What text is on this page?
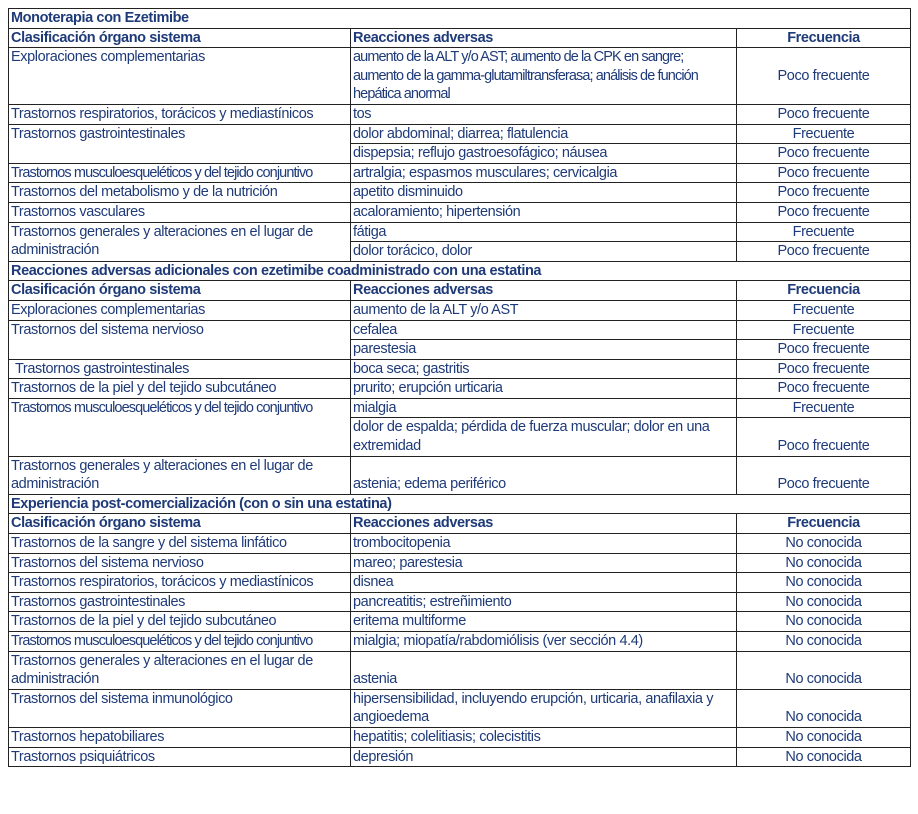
Monoterapia con Ezetimibe		
Clasificación órgano sistema	Reacciones adversas	Frecuencia
Exploraciones complementarias	aumento de la ALT y/o AST; aumento de la CPK en sangre; aumento de la gamma-glutamiltransferasa; análisis de función hepática anormal	Poco frecuente
Trastornos respiratorios, torácicos y mediastínicos	tos	Poco frecuente
Trastornos gastrointestinales	dolor abdominal; diarrea; flatulencia	Frecuente
	dispepsia; reflujo gastroesofágico; náusea	Poco frecuente
Trastornos musculoesqueléticos y del tejido conjuntivo	artralgia; espasmos musculares; cervicalgia	Poco frecuente
Trastornos del metabolismo y de la nutrición	apetito disminuido	Poco frecuente
Trastornos vasculares	acaloramiento; hipertensión	Poco frecuente
Trastornos generales y alteraciones en el lugar de administración	fátiga	Frecuente
	dolor torácico, dolor	Poco frecuente
Reacciones adversas adicionales con ezetimibe coadministrado con una estatina		
Clasificación órgano sistema	Reacciones adversas	Frecuencia
Exploraciones complementarias	aumento de la ALT y/o AST	Frecuente
Trastornos del sistema nervioso	cefalea	Frecuente
	parestesia	Poco frecuente
Trastornos gastrointestinales	boca seca; gastritis	Poco frecuente
Trastornos de la piel y del tejido subcutáneo	prurito; erupción urticaria	Poco frecuente
Trastornos musculoesqueléticos y del tejido conjuntivo	mialgia	Frecuente
	dolor de espalda; pérdida de fuerza muscular; dolor en una extremidad	Poco frecuente
Trastornos generales y alteraciones en el lugar de administración	astenia; edema periférico	Poco frecuente
Experiencia post-comercialización (con o sin una estatina)		
Clasificación órgano sistema	Reacciones adversas	Frecuencia
Trastornos de la sangre y del sistema linfático	trombocitopenia	No conocida
Trastornos del sistema nervioso	mareo; parestesia	No conocida
Trastornos respiratorios, torácicos y mediastínicos	disnea	No conocida
Trastornos gastrointestinales	pancreatitis; estreñimiento	No conocida
Trastornos de la piel y del tejido subcutáneo	eritema multiforme	No conocida
Trastornos musculoesqueléticos y del tejido conjuntivo	mialgia; miopatía/rabdomiólisis (ver sección 4.4)	No conocida
Trastornos generales y alteraciones en el lugar de administración	astenia	No conocida
Trastornos del sistema inmunológico	hipersensibilidad, incluyendo erupción, urticaria, anafilaxia y angioedema	No conocida
Trastornos hepatobiliares	hepatitis; colelitiasis; colecistitis	No conocida
Trastornos psiquiátricos	depresión	No conocida
